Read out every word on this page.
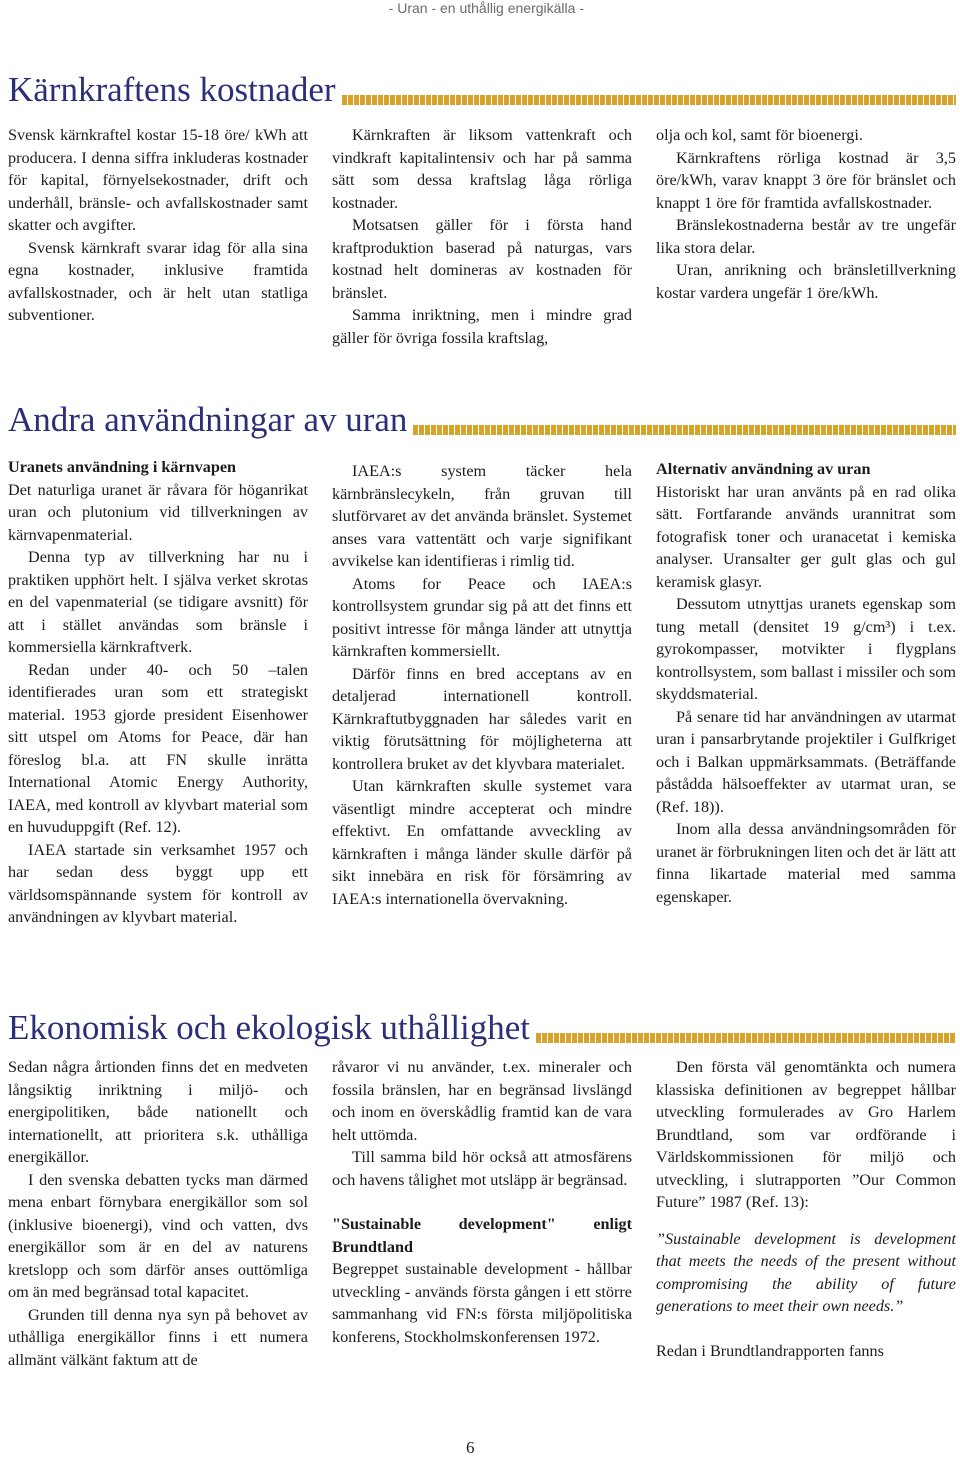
- Uran - en uthållig energikälla -
Kärnkraftens kostnader

Svensk kärnkraftel kostar 15-18 öre/ kWh att producera. I denna siffra inkluderas kostnader för kapital, förnyelsekostnader, drift och underhåll, bränsle- och avfallskostnader samt skatter och avgifter.

Svensk kärnkraft svarar idag för alla sina egna kostnader, inklusive framtida avfallskostnader, och är helt utan statliga subventioner.

Kärnkraften är liksom vattenkraft och vindkraft kapitalintensiv och har på samma sätt som dessa kraftslag låga rörliga kostnader.

Motsatsen gäller för i första hand kraftproduktion baserad på naturgas, vars kostnad helt domineras av kostnaden för bränslet.

Samma inriktning, men i mindre grad gäller för övriga fossila kraftslag,

olja och kol, samt för bioenergi.

Kärnkraftens rörliga kostnad är 3,5 öre/kWh, varav knappt 3 öre för bränslet och knappt 1 öre för framtida avfallskostnader.

Bränslekostnaderna består av tre ungefär lika stora delar.

Uran, anrikning och bränsletillverkning kostar vardera ungefär 1 öre/kWh.

Andra användningar av uran

Uranets användning i kärnvapen

Det naturliga uranet är råvara för höganrikat uran och plutonium vid tillverkningen av kärnvapenmaterial.

Denna typ av tillverkning har nu i praktiken upphört helt. I själva verket skrotas en del vapenmaterial (se tidigare avsnitt) för att i stället användas som bränsle i kommersiella kärnkraftverk.

Redan under 40- och 50 –talen identifierades uran som ett strategiskt material. 1953 gjorde president Eisenhower sitt utspel om Atoms for Peace, där han föreslog bl.a. att FN skulle inrätta International Atomic Energy Authority, IAEA, med kontroll av klyvbart material som en huvuduppgift (Ref. 12).

IAEA startade sin verksamhet 1957 och har sedan dess byggt upp ett världsomspännande system för kontroll av användningen av klyvbart material.

IAEA:s system täcker hela kärnbränslecykeln, från gruvan till slutförvaret av det använda bränslet. Systemet anses vara vattentätt och varje signifikant avvikelse kan identifieras i rimlig tid.

Atoms for Peace och IAEA:s kontrollsystem grundar sig på att det finns ett positivt intresse för många länder att utnyttja kärnkraften kommersiellt.

Därför finns en bred acceptans av en detaljerad internationell kontroll. Kärnkraftutbyggnaden har således varit en viktig förutsättning för möjligheterna att kontrollera bruket av det klyvbara materialet.

Utan kärnkraften skulle systemet vara väsentligt mindre accepterat och mindre effektivt. En omfattande avveckling av kärnkraften i många länder skulle därför på sikt innebära en risk för försämring av IAEA:s internationella övervakning.

Alternativ användning av uran

Historiskt har uran använts på en rad olika sätt. Fortfarande används urannitrat som fotografisk toner och uranacetat i kemiska analyser. Uransalter ger gult glas och gul keramisk glasyr.

Dessutom utnyttjas uranets egenskap som tung metall (densitet 19 g/cm³) i t.ex. gyrokompasser, motvikter i flygplans kontrollsystem, som ballast i missiler och som skyddsmaterial.

På senare tid har användningen av utarmat uran i pansarbrytande projektiler i Gulfkriget och i Balkan uppmärksammats. (Beträffande påstådda hälsoeffekter av utarmat uran, se (Ref. 18)).

Inom alla dessa användningsområden för uranet är förbrukningen liten och det är lätt att finna likartade material med samma egenskaper.

Ekonomisk och ekologisk uthållighet

Sedan några årtionden finns det en medveten långsiktig inriktning i miljö- och energipolitiken, både nationellt och internationellt, att prioritera s.k. uthålliga energikällor.

I den svenska debatten tycks man därmed mena enbart förnybara energikällor som sol (inklusive bioenergi), vind och vatten, dvs energikällor som är en del av naturens kretslopp och som därför anses outtömliga om än med begränsad total kapacitet.

Grunden till denna nya syn på behovet av uthålliga energikällor finns i ett numera allmänt välkänt faktum att de

råvaror vi nu använder, t.ex. mineraler och fossila bränslen, har en begränsad livslängd och inom en överskådlig framtid kan de vara helt uttömda.

Till samma bild hör också att atmosfärens och havens tålighet mot utsläpp är begränsad.

"Sustainable development" enligt Brundtland

Begreppet sustainable development - hållbar utveckling - används första gången i ett större sammanhang vid FN:s första miljöpolitiska konferens, Stockholmskonferensen 1972.

Den första väl genomtänkta och numera klassiska definitionen av begreppet hållbar utveckling formulerades av Gro Harlem Brundtland, som var ordförande i Världskommissionen för miljö och utveckling, i slutrapporten ”Our Common Future” 1987 (Ref. 13):

”Sustainable development is development that meets the needs of the present without compromising the ability of future generations to meet their own needs.”

Redan i Brundtlandrapporten fanns

6
